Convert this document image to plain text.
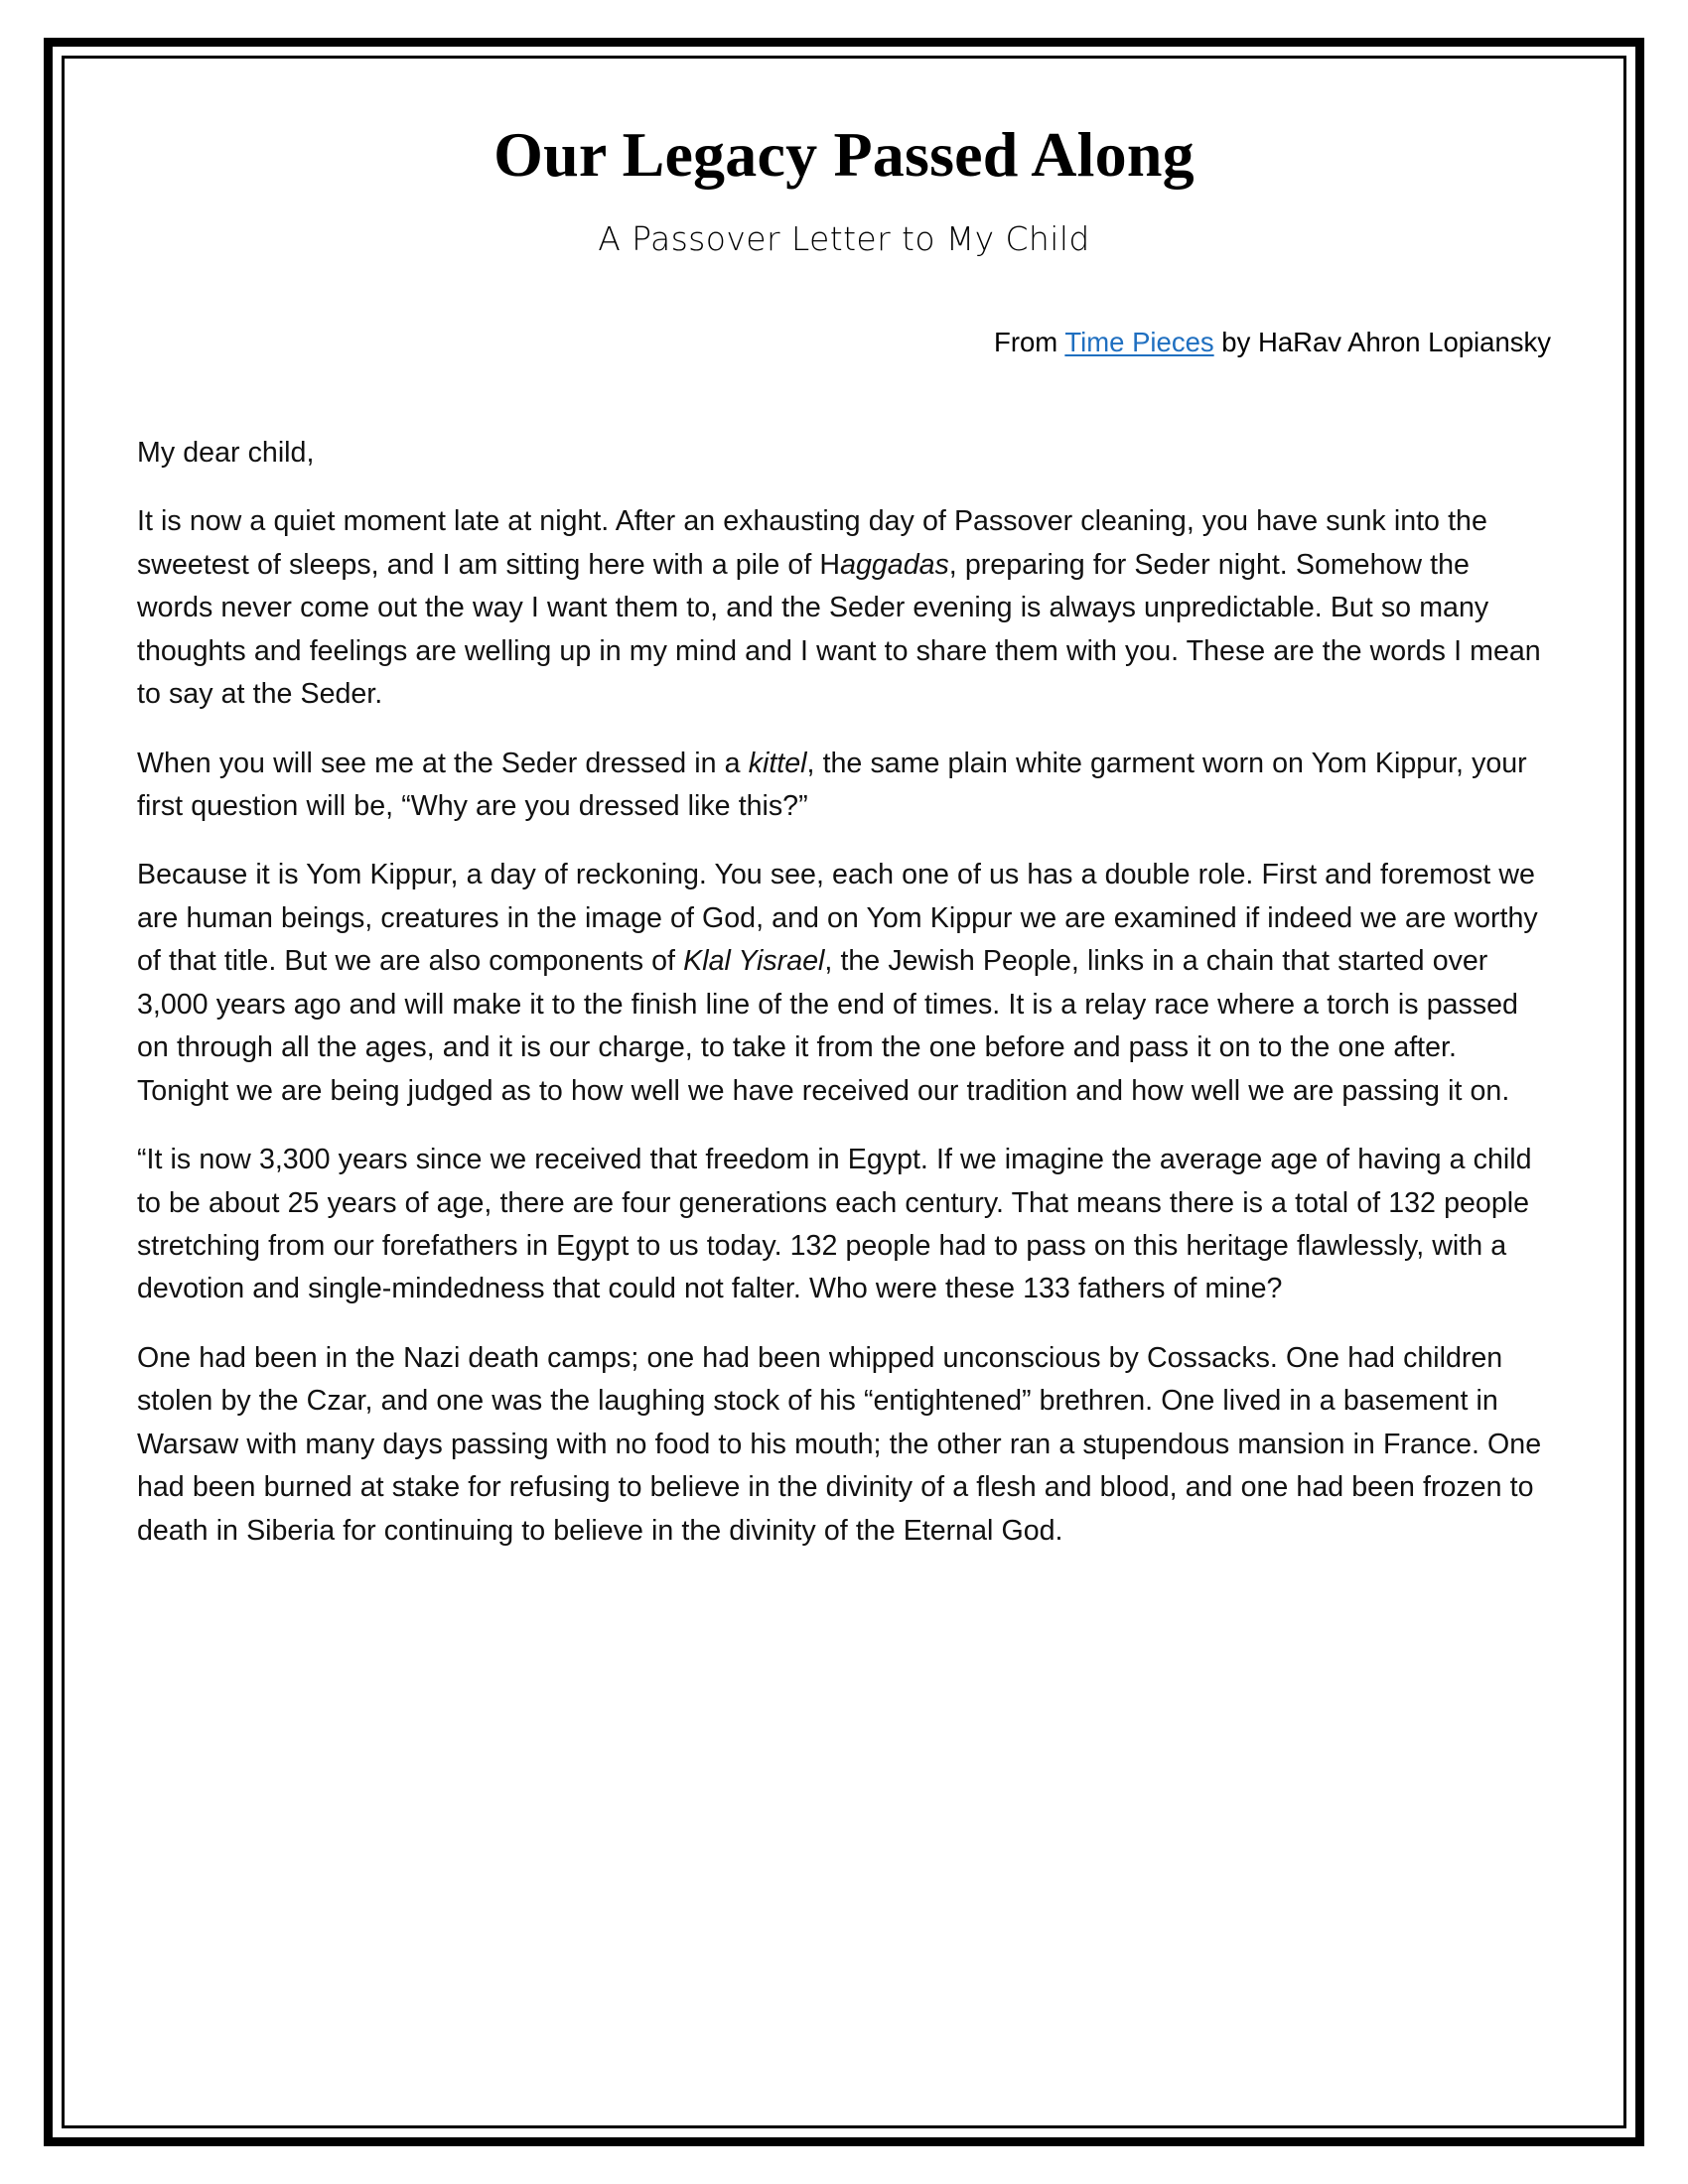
Our Legacy Passed Along
A Passover Letter to My Child
From Time Pieces by HaRav Ahron Lopiansky

My dear child,

It is now a quiet moment late at night. After an exhausting day of Passover cleaning, you have sunk into the sweetest of sleeps, and I am sitting here with a pile of Haggadas, preparing for Seder night. Somehow the words never come out the way I want them to, and the Seder evening is always unpredictable. But so many thoughts and feelings are welling up in my mind and I want to share them with you. These are the words I mean to say at the Seder.

When you will see me at the Seder dressed in a kittel, the same plain white garment worn on Yom Kippur, your first question will be, “Why are you dressed like this?”

Because it is Yom Kippur, a day of reckoning. You see, each one of us has a double role. First and foremost we are human beings, creatures in the image of God, and on Yom Kippur we are examined if indeed we are worthy of that title. But we are also components of Klal Yisrael, the Jewish People, links in a chain that started over 3,000 years ago and will make it to the finish line of the end of times. It is a relay race where a torch is passed on through all the ages, and it is our charge, to take it from the one before and pass it on to the one after. Tonight we are being judged as to how well we have received our tradition and how well we are passing it on.

“It is now 3,300 years since we received that freedom in Egypt. If we imagine the average age of having a child to be about 25 years of age, there are four generations each century. That means there is a total of 132 people stretching from our forefathers in Egypt to us today. 132 people had to pass on this heritage flawlessly, with a devotion and single-mindedness that could not falter. Who were these 133 fathers of mine?

One had been in the Nazi death camps; one had been whipped unconscious by Cossacks. One had children stolen by the Czar, and one was the laughing stock of his “entightened” brethren. One lived in a basement in Warsaw with many days passing with no food to his mouth; the other ran a stupendous mansion in France. One had been burned at stake for refusing to believe in the divinity of a flesh and blood, and one had been frozen to death in Siberia for continuing to believe in the divinity of the Eternal God.
